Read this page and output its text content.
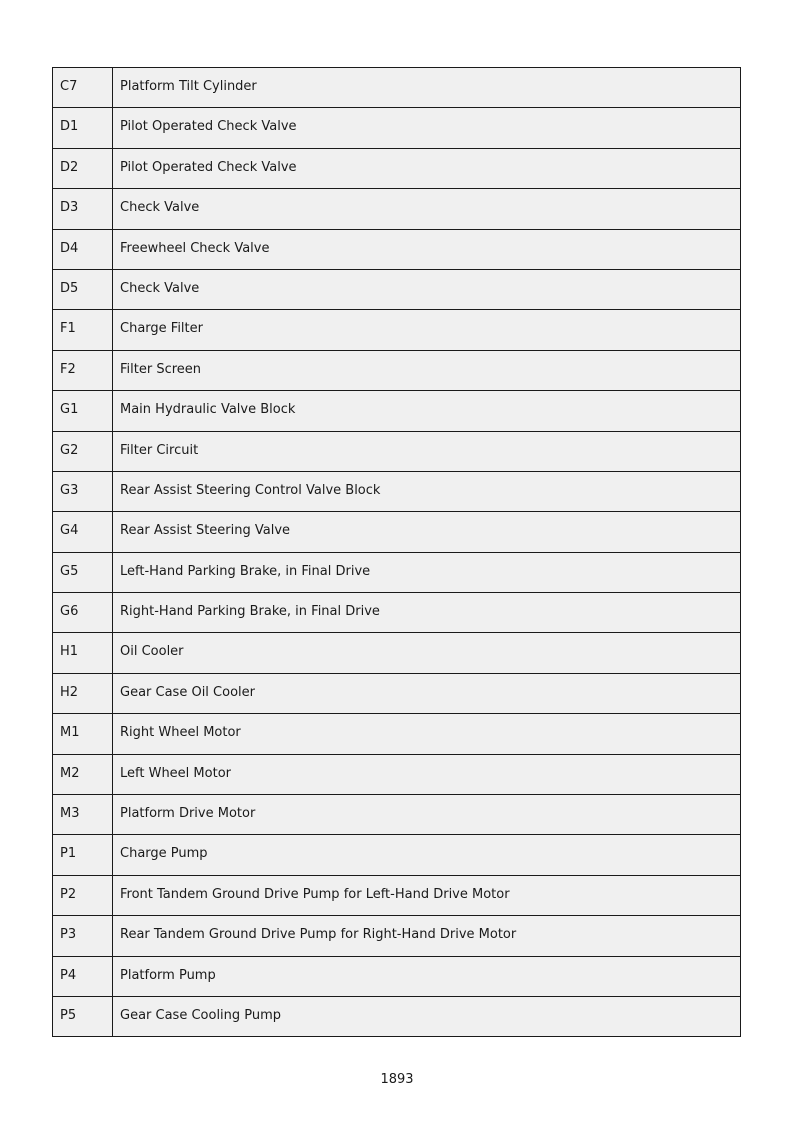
C7	Platform Tilt Cylinder
D1	Pilot Operated Check Valve
D2	Pilot Operated Check Valve
D3	Check Valve
D4	Freewheel Check Valve
D5	Check Valve
F1	Charge Filter
F2	Filter Screen
G1	Main Hydraulic Valve Block
G2	Filter Circuit
G3	Rear Assist Steering Control Valve Block
G4	Rear Assist Steering Valve
G5	Left-Hand Parking Brake, in Final Drive
G6	Right-Hand Parking Brake, in Final Drive
H1	Oil Cooler
H2	Gear Case Oil Cooler
M1	Right Wheel Motor
M2	Left Wheel Motor
M3	Platform Drive Motor
P1	Charge Pump
P2	Front Tandem Ground Drive Pump for Left-Hand Drive Motor
P3	Rear Tandem Ground Drive Pump for Right-Hand Drive Motor
P4	Platform Pump
P5	Gear Case Cooling Pump
1893
